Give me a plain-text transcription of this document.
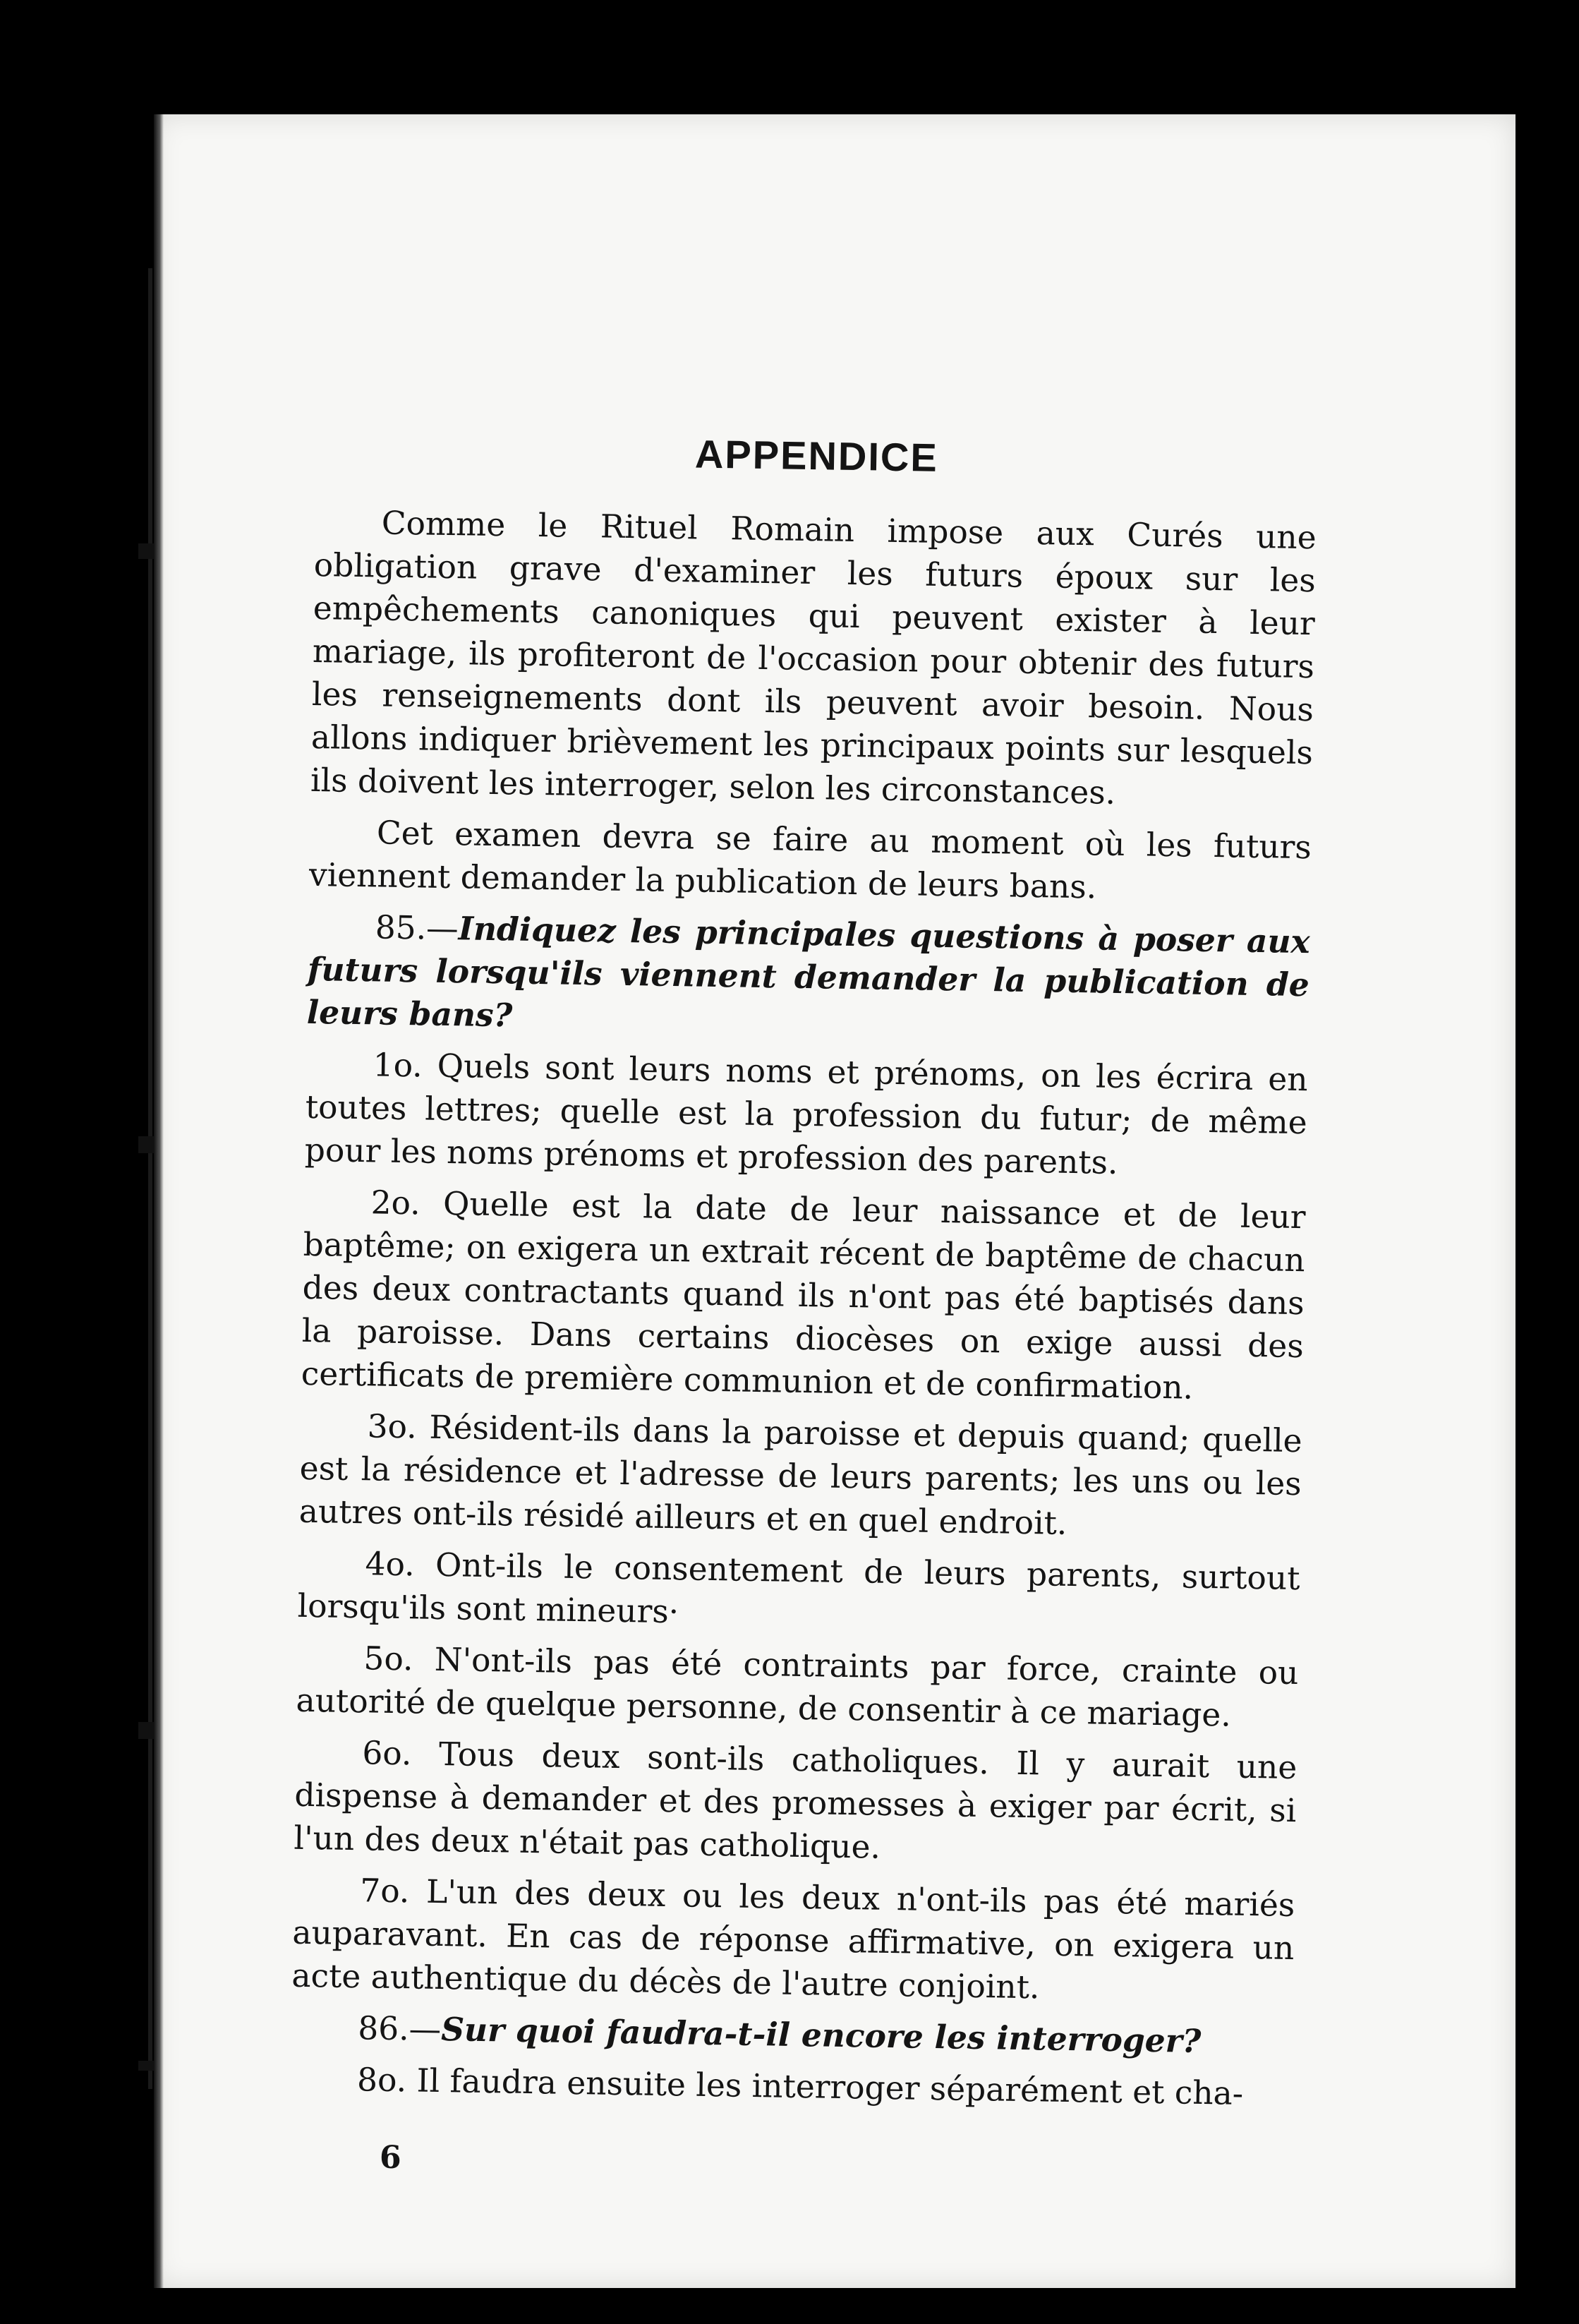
APPENDICE

Comme le Rituel Romain impose aux Curés une obligation grave d'examiner les futurs époux sur les empêchements canoniques qui peuvent exister à leur mariage, ils profiteront de l'occasion pour obtenir des futurs les renseignements dont ils peuvent avoir besoin. Nous allons indiquer brièvement les principaux points sur lesquels ils doivent les interroger, selon les circonstances.

Cet examen devra se faire au moment où les futurs viennent demander la publication de leurs bans.

85.—Indiquez les principales questions à poser aux futurs lorsqu'ils viennent demander la publication de leurs bans?

1o. Quels sont leurs noms et prénoms, on les écrira en toutes lettres; quelle est la profession du futur; de même pour les noms prénoms et profession des parents.

2o. Quelle est la date de leur naissance et de leur baptême; on exigera un extrait récent de baptême de chacun des deux contractants quand ils n'ont pas été baptisés dans la paroisse. Dans certains diocèses on exige aussi des certificats de première communion et de confirmation.

3o. Résident-ils dans la paroisse et depuis quand; quelle est la résidence et l'adresse de leurs parents; les uns ou les autres ont-ils résidé ailleurs et en quel endroit.

4o. Ont-ils le consentement de leurs parents, surtout lorsqu'ils sont mineurs·

5o. N'ont-ils pas été contraints par force, crainte ou autorité de quelque personne, de consentir à ce mariage.

6o. Tous deux sont-ils catholiques. Il y aurait une dispense à demander et des promesses à exiger par écrit, si l'un des deux n'était pas catholique.

7o. L'un des deux ou les deux n'ont-ils pas été mariés auparavant. En cas de réponse affirmative, on exigera un acte authentique du décès de l'autre conjoint.

86.—Sur quoi faudra-t-il encore les interroger?

8o. Il faudra ensuite les interroger séparément et cha-

6
